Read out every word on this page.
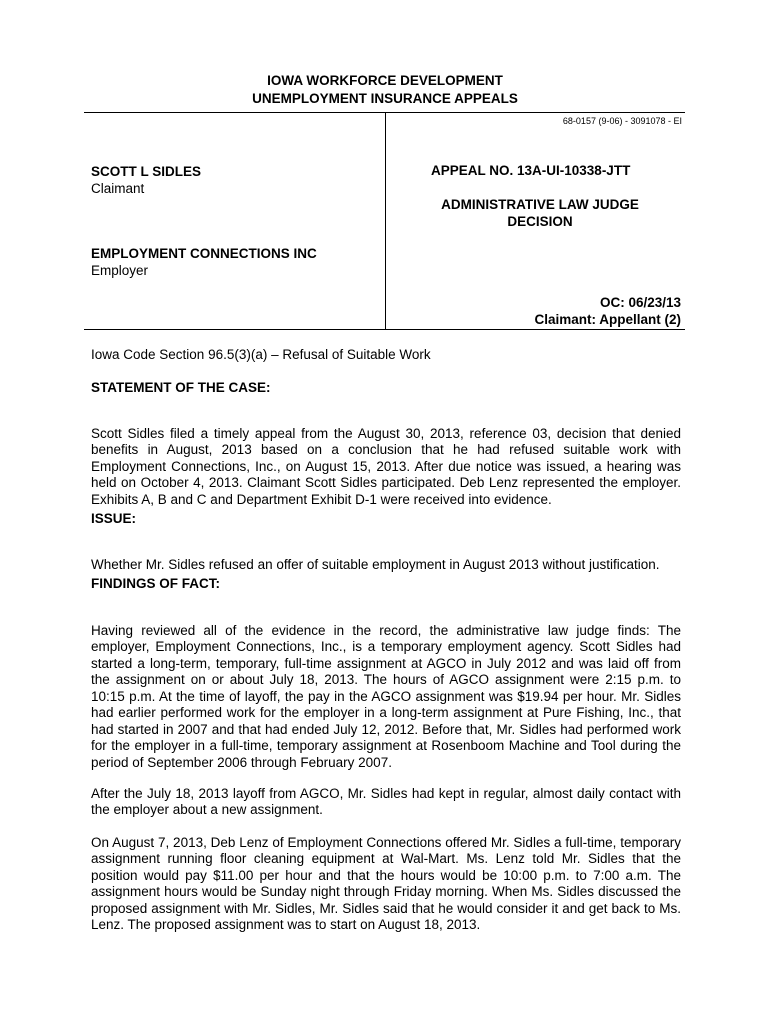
IOWA WORKFORCE DEVELOPMENT
UNEMPLOYMENT INSURANCE APPEALS
68-0157 (9-06) - 3091078 - EI
SCOTT L SIDLES
Claimant
EMPLOYMENT CONNECTIONS INC
Employer
APPEAL NO. 13A-UI-10338-JTT
ADMINISTRATIVE LAW JUDGE
DECISION
OC: 06/23/13
Claimant: Appellant (2)
Iowa Code Section 96.5(3)(a) – Refusal of Suitable Work
STATEMENT OF THE CASE:

Scott Sidles filed a timely appeal from the August 30, 2013, reference 03, decision that denied benefits in August, 2013 based on a conclusion that he had refused suitable work with Employment Connections, Inc., on August 15, 2013. After due notice was issued, a hearing was held on October 4, 2013. Claimant Scott Sidles participated. Deb Lenz represented the employer. Exhibits A, B and C and Department Exhibit D-1 were received into evidence.

ISSUE:

Whether Mr. Sidles refused an offer of suitable employment in August 2013 without justification.

FINDINGS OF FACT:

Having reviewed all of the evidence in the record, the administrative law judge finds: The employer, Employment Connections, Inc., is a temporary employment agency. Scott Sidles had started a long-term, temporary, full-time assignment at AGCO in July 2012 and was laid off from the assignment on or about July 18, 2013. The hours of AGCO assignment were 2:15 p.m. to 10:15 p.m. At the time of layoff, the pay in the AGCO assignment was $19.94 per hour. Mr. Sidles had earlier performed work for the employer in a long-term assignment at Pure Fishing, Inc., that had started in 2007 and that had ended July 12, 2012. Before that, Mr. Sidles had performed work for the employer in a full-time, temporary assignment at Rosenboom Machine and Tool during the period of September 2006 through February 2007.

After the July 18, 2013 layoff from AGCO, Mr. Sidles had kept in regular, almost daily contact with the employer about a new assignment.

On August 7, 2013, Deb Lenz of Employment Connections offered Mr. Sidles a full-time, temporary assignment running floor cleaning equipment at Wal-Mart. Ms. Lenz told Mr. Sidles that the position would pay $11.00 per hour and that the hours would be 10:00 p.m. to 7:00 a.m. The assignment hours would be Sunday night through Friday morning. When Ms. Sidles discussed the proposed assignment with Mr. Sidles, Mr. Sidles said that he would consider it and get back to Ms. Lenz. The proposed assignment was to start on August 18, 2013.
